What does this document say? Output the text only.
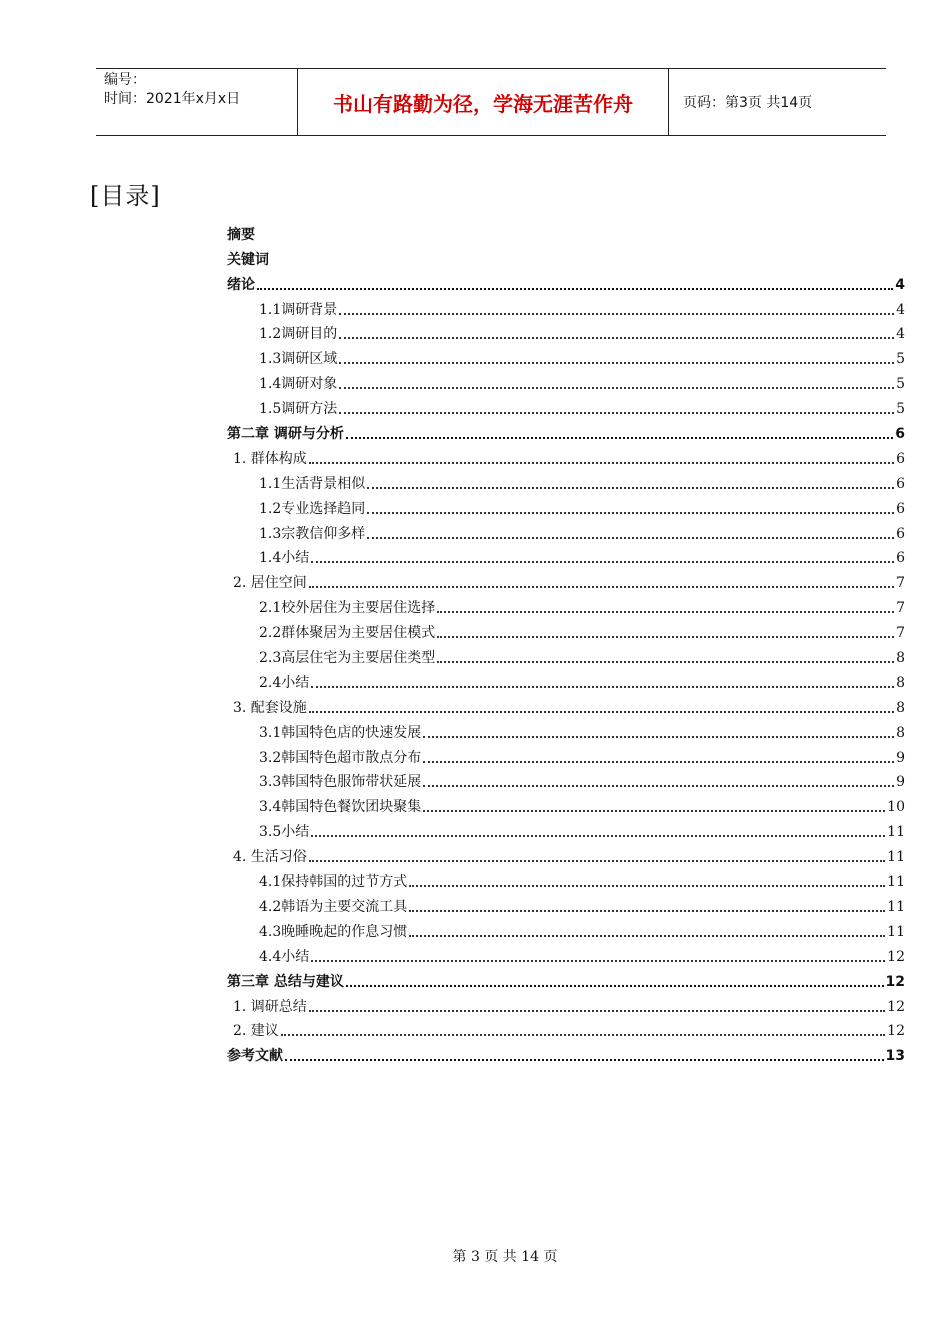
编号：
时间：2021年x月x日	书山有路勤为径，学海无涯苦作舟	页码：第3页 共14页
[目录]
摘要
关键词
绪论	4
1.1调研背景	4
1.2调研目的	4
1.3调研区域	5
1.4调研对象	5
1.5调研方法	5
第二章 调研与分析	6
1. 群体构成	6
1.1生活背景相似	6
1.2专业选择趋同	6
1.3宗教信仰多样	6
1.4小结	6
2. 居住空间	7
2.1校外居住为主要居住选择	7
2.2群体聚居为主要居住模式	7
2.3高层住宅为主要居住类型	8
2.4小结	8
3. 配套设施	8
3.1韩国特色店的快速发展	8
3.2韩国特色超市散点分布	9
3.3韩国特色服饰带状延展	9
3.4韩国特色餐饮团块聚集	10
3.5小结	11
4. 生活习俗	11
4.1保持韩国的过节方式	11
4.2韩语为主要交流工具	11
4.3晚睡晚起的作息习惯	11
4.4小结	12
第三章 总结与建议	12
1. 调研总结	12
2. 建议	12
参考文献	13
第 3 页 共 14 页
